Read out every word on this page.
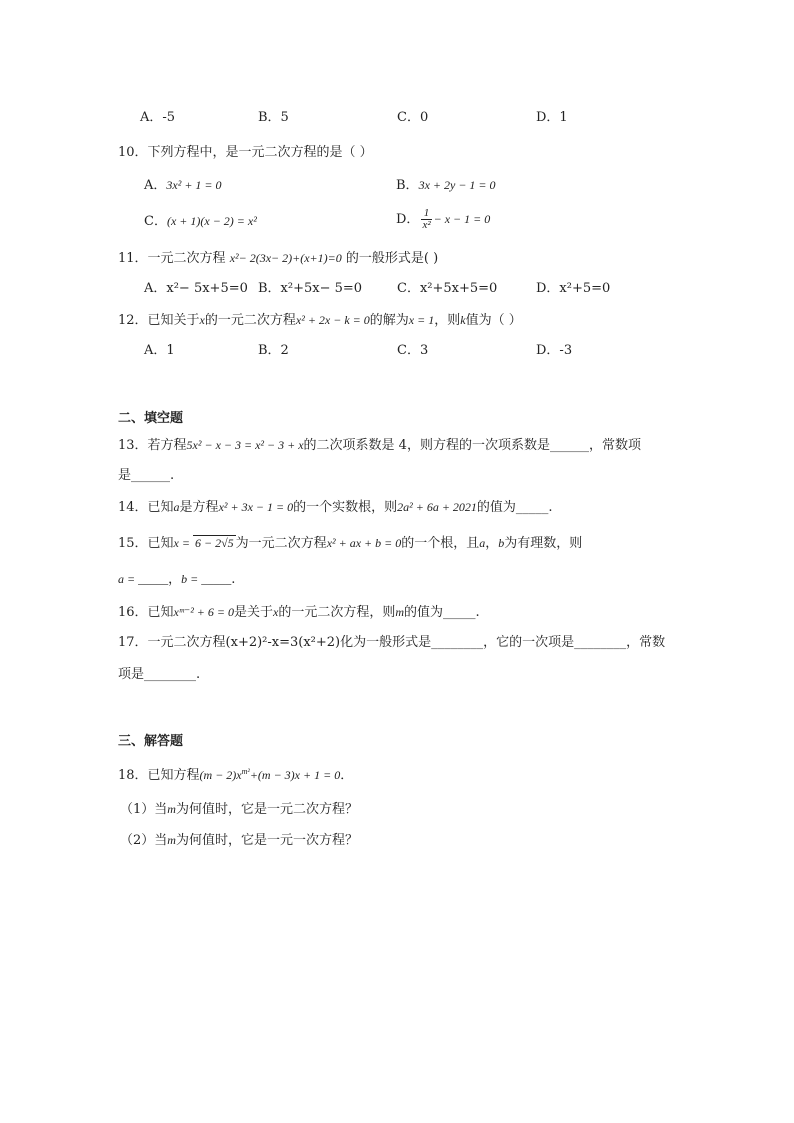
A．-5	B．5	C．0	D．1
10．下列方程中，是一元二次方程的是（ ）
A．3x² + 1 = 0	B．3x + 2y − 1 = 0
C．(x + 1)(x − 2) = x²	D． $\frac{1}{\text{x²}} - x - 1 = 0$
11．一元二次方程 x²− 2(3x− 2)+(x+1)=0 的一般形式是( )
A．x²− 5x+5=0 B．x²+5x− 5=0	C．x²+5x+5=0	D．x²+5=0
12．已知关于x的一元二次方程x² + 2x − k = 0的解为x = 1，则k值为（ ）
A．1	B．2	C．3	D．-3
二、填空题
13．若方程5x² − x − 3 = x² − 3 + x的二次项系数是 4，则方程的一次项系数是______，常数项
是______.
14．已知a是方程x² + 3x − 1 = 0的一个实数根，则2a² + 6a + 2021的值为_____.
15．已知x = 6 − 2√5 为一元二次方程x² + ax + b = 0的一个根，且a，b为有理数，则
a = _____，b = _____.
16．已知xᵐ⁻² + 6 = 0是关于x的一元二次方程，则m的值为_____.
17．一元二次方程(x+2)²-x=3(x²+2)化为一般形式是________，它的一次项是________，常数
项是________.
三、解答题
18．已知方程$(m - 2)x^{m^2}+(m - 3)x + 1 = 0$．
（1）当m为何值时，它是一元二次方程？
（2）当m为何值时，它是一元一次方程？
